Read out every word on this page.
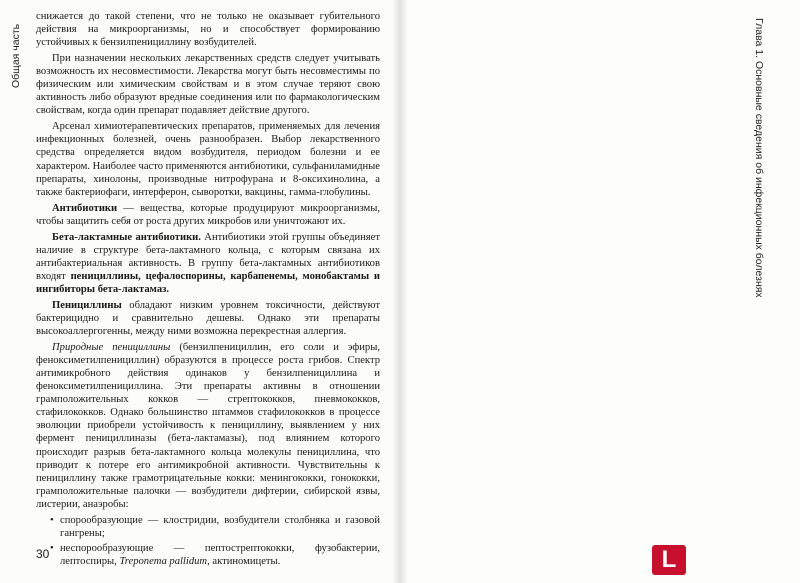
Общая часть

снижается до такой степени, что не только не оказывает губительного действия на микроорганизмы, но и способствует формированию устойчивых к бензилпенициллину возбудителей.

При назначении нескольких лекарственных средств следует учитывать возможность их несовместимости. Лекарства могут быть несовместимы по физическим или химическим свойствам и в этом случае теряют свою активность либо образуют вредные соединения или по фармакологическим свойствам, когда один препарат подавляет действие другого.

Арсенал химиотерапевтических препаратов, применяемых для лечения инфекционных болезней, очень разнообразен. Выбор лекарственного средства определяется видом возбудителя, периодом болезни и ее характером. Наиболее часто применяются антибиотики, сульфаниламидные препараты, хинолоны, производные нитрофурана и 8-оксихинолина, а также бактериофаги, интерферон, сыворотки, вакцины, гамма-глобулины.

Антибиотики — вещества, которые продуцируют микроорганизмы, чтобы защитить себя от роста других микробов или уничтожают их.

Бета-лактамные антибиотики. Антибиотики этой группы объединяет наличие в структуре бета-лактамного кольца, с которым связана их антибактериальная активность. В группу бета-лактамных антибиотиков входят пенициллины, цефалоспорины, карбапенемы, монобактамы и ингибиторы бета-лактамаз.

Пенициллины обладают низким уровнем токсичности, действуют бактерицидно и сравнительно дешевы. Однако эти препараты высокоаллергогенны, между ними возможна перекрестная аллергия.

Природные пенициллины (бензилпенициллин, его соли и эфиры, феноксиметилпенициллин) образуются в процессе роста грибов. Спектр антимикробного действия одинаков у бензилпенициллина и феноксиметилпенициллина. Эти препараты активны в отношении грамположительных кокков — стрептококков, пневмококков, стафилококков. Однако большинство штаммов стафилококков в процессе эволюции приобрели устойчивость к пенициллину, выявлением у них фермент пенициллиназы (бета-лактамазы), под влиянием которого происходит разрыв бета-лактамного кольца молекулы пенициллина, что приводит к потере его антимикробной активности. Чувствительны к пенициллину также грамотрицательные кокки: менингококки, гонококки, грамположительные палочки — возбудители дифтерии, сибирской язвы, листерии, анаэробы:

• спорообразующие — клостридии, возбудители столбняка и газовой гангрены;
• неспорообразующие — пептострептококки, фузобактерии, лептоспиры, Treponema pallidum, актиномицеты.
30

Глава 1. Основные сведения об инфекционных болезнях
L
